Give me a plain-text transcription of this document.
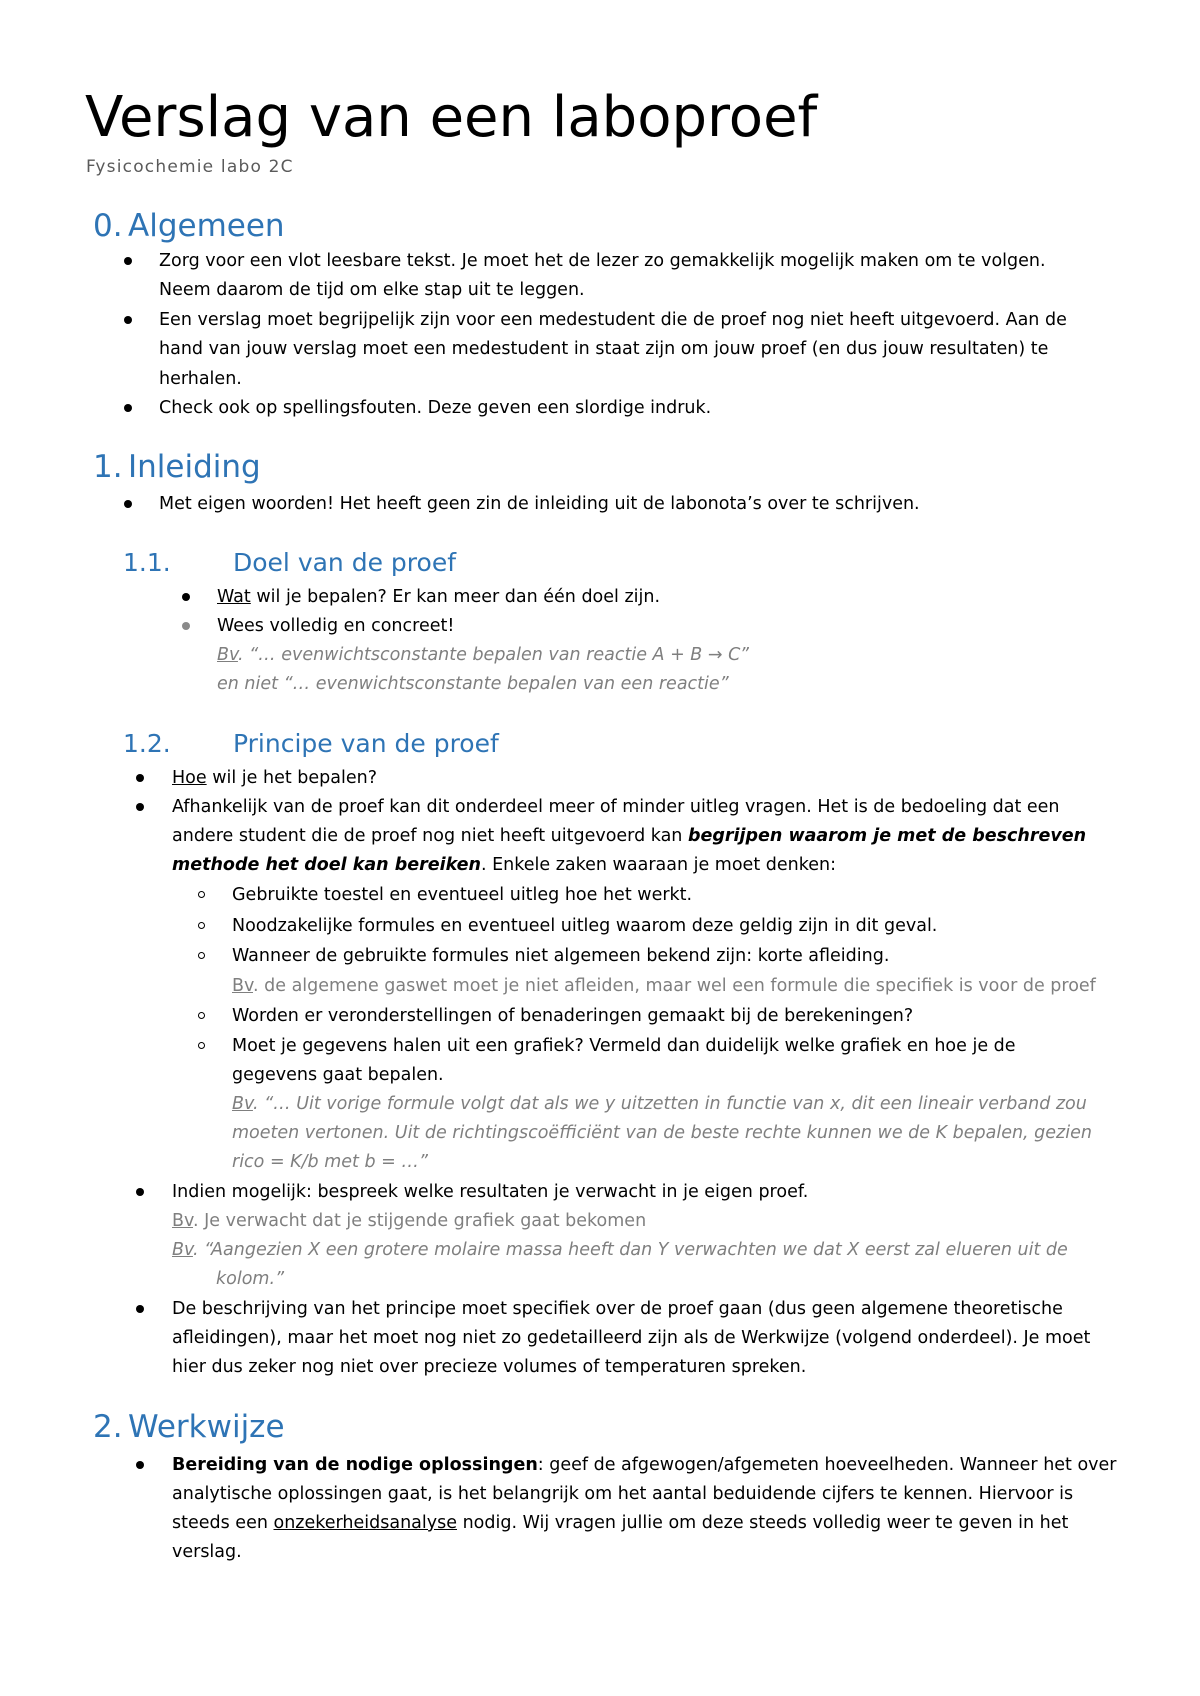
Verslag van een laboproef

Fysicochemie labo 2C

0. Algemeen

Zorg voor een vlot leesbare tekst. Je moet het de lezer zo gemakkelijk mogelijk maken om te volgen.

Neem daarom de tijd om elke stap uit te leggen.

Een verslag moet begrijpelijk zijn voor een medestudent die de proef nog niet heeft uitgevoerd. Aan de

hand van jouw verslag moet een medestudent in staat zijn om jouw proef (en dus jouw resultaten) te

herhalen.

Check ook op spellingsfouten. Deze geven een slordige indruk.

1. Inleiding

Met eigen woorden! Het heeft geen zin de inleiding uit de labonota’s over te schrijven.

1.1. Doel van de proef

Wat wil je bepalen? Er kan meer dan één doel zijn.

Wees volledig en concreet!

Bv. “… evenwichtsconstante bepalen van reactie A + B → C”

en niet “… evenwichtsconstante bepalen van een reactie”

1.2. Principe van de proef

Hoe wil je het bepalen?

Afhankelijk van de proef kan dit onderdeel meer of minder uitleg vragen. Het is de bedoeling dat een

andere student die de proef nog niet heeft uitgevoerd kan begrijpen waarom je met de beschreven

methode het doel kan bereiken. Enkele zaken waaraan je moet denken:

Gebruikte toestel en eventueel uitleg hoe het werkt.

Noodzakelijke formules en eventueel uitleg waarom deze geldig zijn in dit geval.

Wanneer de gebruikte formules niet algemeen bekend zijn: korte afleiding.

Bv. de algemene gaswet moet je niet afleiden, maar wel een formule die specifiek is voor de proef

Worden er veronderstellingen of benaderingen gemaakt bij de berekeningen?

Moet je gegevens halen uit een grafiek? Vermeld dan duidelijk welke grafiek en hoe je de

gegevens gaat bepalen.

Bv. “… Uit vorige formule volgt dat als we y uitzetten in functie van x, dit een lineair verband zou

moeten vertonen. Uit de richtingscoëfficiënt van de beste rechte kunnen we de K bepalen, gezien

rico = K/b met b = …”

Indien mogelijk: bespreek welke resultaten je verwacht in je eigen proef.

Bv. Je verwacht dat je stijgende grafiek gaat bekomen

Bv. “Aangezien X een grotere molaire massa heeft dan Y verwachten we dat X eerst zal elueren uit de

kolom.”

De beschrijving van het principe moet specifiek over de proef gaan (dus geen algemene theoretische

afleidingen), maar het moet nog niet zo gedetailleerd zijn als de Werkwijze (volgend onderdeel). Je moet

hier dus zeker nog niet over precieze volumes of temperaturen spreken.

2. Werkwijze

Bereiding van de nodige oplossingen: geef de afgewogen/afgemeten hoeveelheden. Wanneer het over

analytische oplossingen gaat, is het belangrijk om het aantal beduidende cijfers te kennen. Hiervoor is

steeds een onzekerheidsanalyse nodig. Wij vragen jullie om deze steeds volledig weer te geven in het

verslag.
